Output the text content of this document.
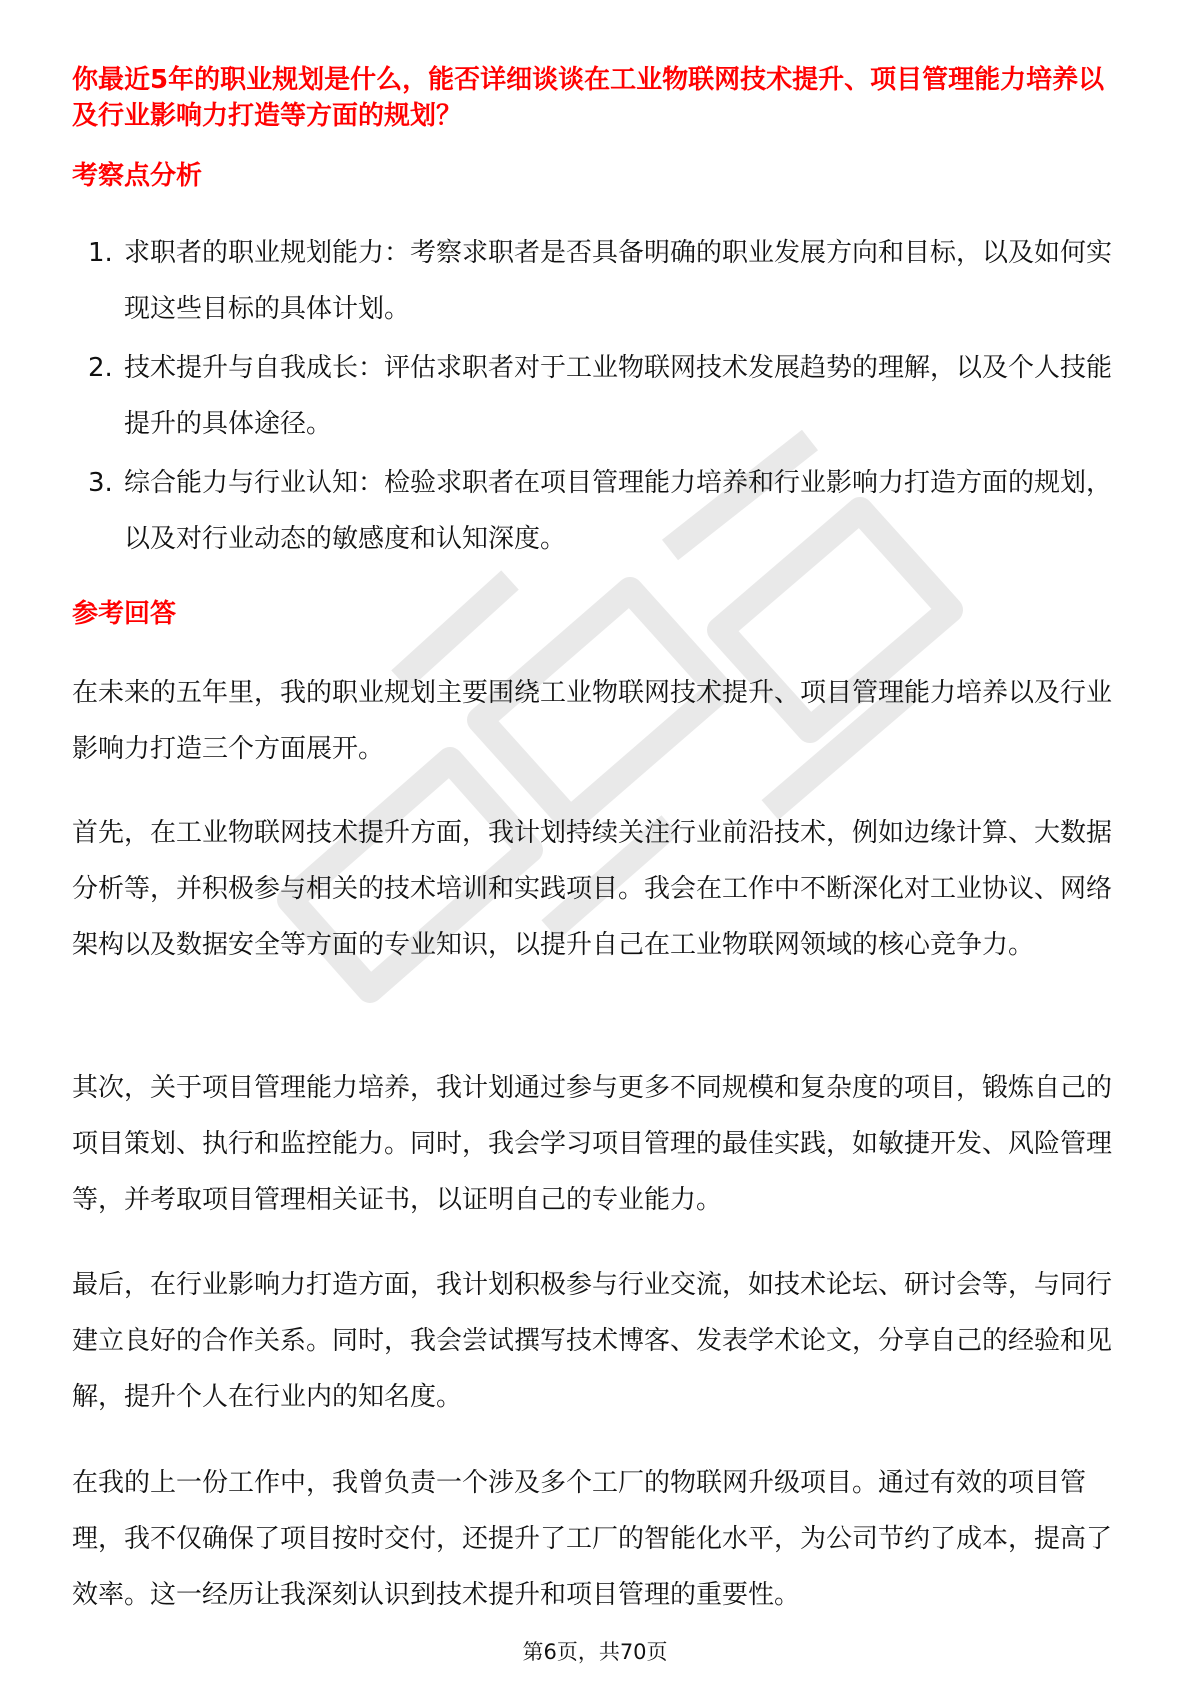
你最近5年的职业规划是什么，能否详细谈谈在工业物联网技术提升、项目管理能力培养以及行业影响力打造等方面的规划？
考察点分析
1. 求职者的职业规划能力：考察求职者是否具备明确的职业发展方向和目标，以及如何实现这些目标的具体计划。
2. 技术提升与自我成长：评估求职者对于工业物联网技术发展趋势的理解，以及个人技能提升的具体途径。
3. 综合能力与行业认知：检验求职者在项目管理能力培养和行业影响力打造方面的规划，以及对行业动态的敏感度和认知深度。
参考回答

在未来的五年里，我的职业规划主要围绕工业物联网技术提升、项目管理能力培养以及行业影响力打造三个方面展开。

首先，在工业物联网技术提升方面，我计划持续关注行业前沿技术，例如边缘计算、大数据分析等，并积极参与相关的技术培训和实践项目。我会在工作中不断深化对工业协议、网络架构以及数据安全等方面的专业知识，以提升自己在工业物联网领域的核心竞争力。

其次，关于项目管理能力培养，我计划通过参与更多不同规模和复杂度的项目，锻炼自己的项目策划、执行和监控能力。同时，我会学习项目管理的最佳实践，如敏捷开发、风险管理等，并考取项目管理相关证书，以证明自己的专业能力。

最后，在行业影响力打造方面，我计划积极参与行业交流，如技术论坛、研讨会等，与同行建立良好的合作关系。同时，我会尝试撰写技术博客、发表学术论文，分享自己的经验和见解，提升个人在行业内的知名度。

在我的上一份工作中，我曾负责一个涉及多个工厂的物联网升级项目。通过有效的项目管理，我不仅确保了项目按时交付，还提升了工厂的智能化水平，为公司节约了成本，提高了效率。这一经历让我深刻认识到技术提升和项目管理的重要性。

第6页，共70页
